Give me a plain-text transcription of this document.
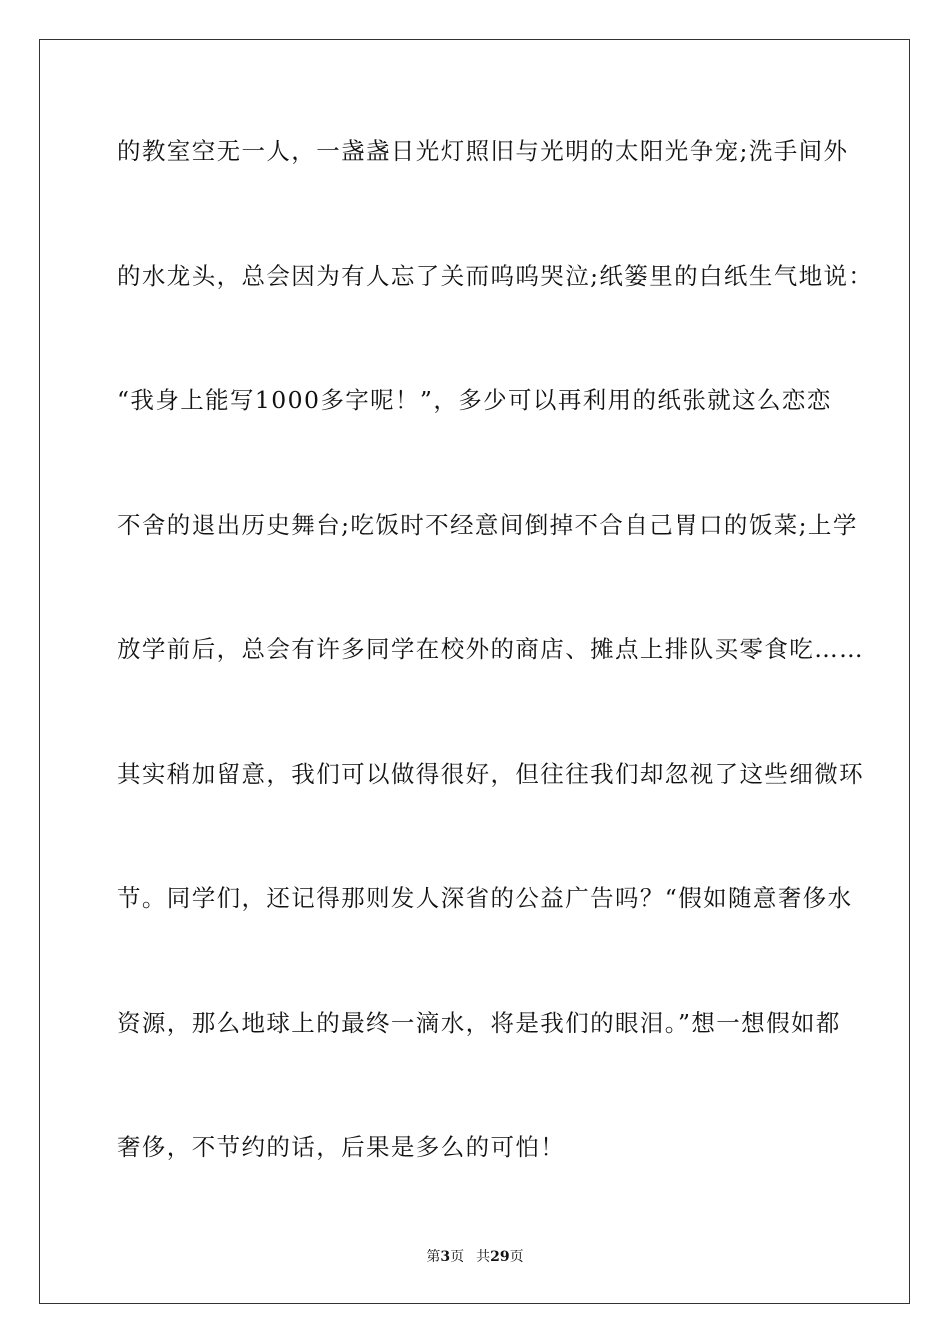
的教室空无一人，一盏盏日光灯照旧与光明的太阳光争宠;洗手间外
的水龙头，总会因为有人忘了关而呜呜哭泣;纸篓里的白纸生气地说：
“我身上能写1000多字呢！”，多少可以再利用的纸张就这么恋恋
不舍的退出历史舞台;吃饭时不经意间倒掉不合自己胃口的饭菜;上学
放学前后，总会有许多同学在校外的商店、摊点上排队买零食吃……
其实稍加留意，我们可以做得很好，但往往我们却忽视了这些细微环
节。同学们，还记得那则发人深省的公益广告吗？“假如随意奢侈水
资源，那么地球上的最终一滴水，将是我们的眼泪。”想一想假如都
奢侈，不节约的话，后果是多么的可怕！
第3页 共29页
